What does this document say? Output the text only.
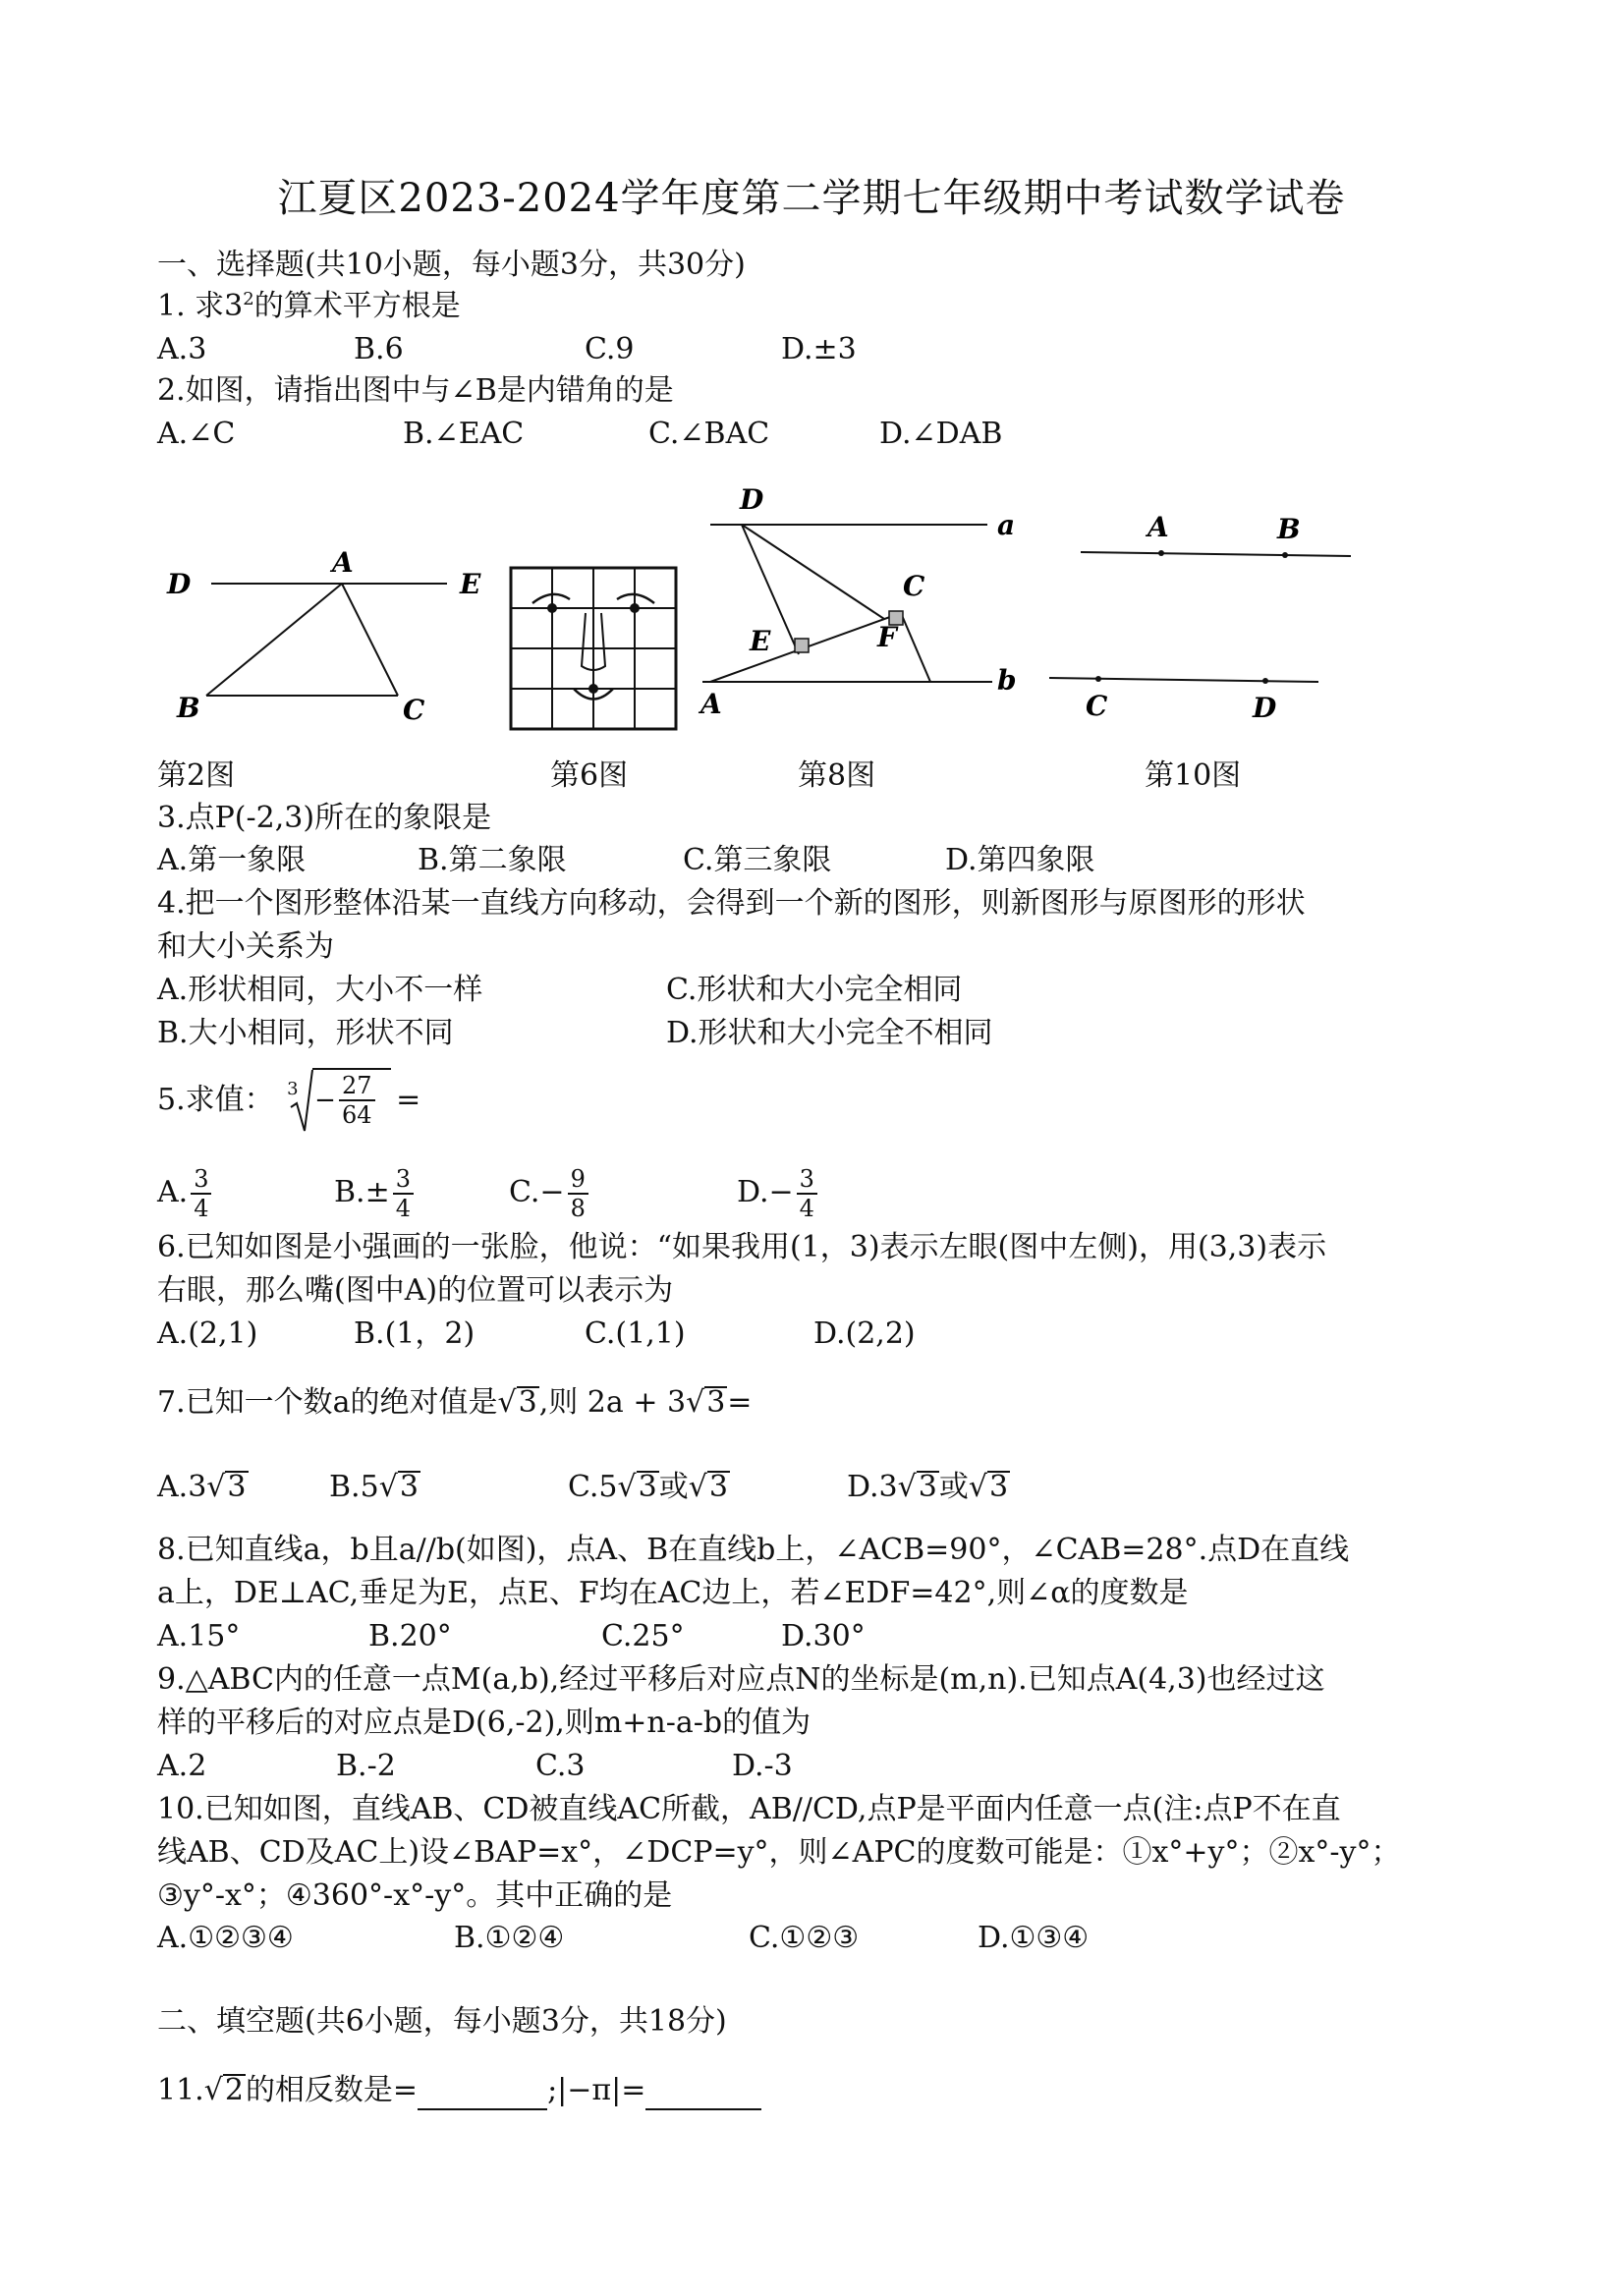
江夏区2023-2024学年度第二学期七年级期中考试数学试卷
一、选择题(共10小题，每小题3分，共30分)
1. 求$3^2$的算术平方根是
A.3	B.6	C.9	D.±3
2.如图，请指出图中与∠B是内错角的是
A.∠C	B.∠EAC	C.∠BAC	D.∠DAB
D
A
E
B	C
D
a
C
E	F
A
b
A	B
C	D
第2图	第6图	第8图	第10图
3.点P(-2,3)所在的象限是
A.第一象限	B.第二象限	C.第三象限	D.第四象限
4.把一个图形整体沿某一直线方向移动，会得到一个新的图形，则新图形与原图形的形状
和大小关系为
A.形状相同，大小不一样	C.形状和大小完全相同
B.大小相同，形状不同	D.形状和大小完全不相同
5.求值： $3 - \frac{27}{64}$ =
A. $\frac{3}{4}$	$B.\pm \frac{3}{4}$	$C.- \frac{9}{8}$	$D.- \frac{3}{4}$
6.已知如图是小强画的一张脸，他说：“如果我用(1，3)表示左眼(图中左侧)，用(3,3)表示
右眼，那么嘴(图中A)的位置可以表示为
A.(2,1)	B.(1，2)	C.(1,1)	D.(2,2)
7.已知一个数a的绝对值是√3,则 2a + 3√3=
A.3√3	B.5√3	C.5√3或√3	D.3√3或√3
8.已知直线a，b且a//b(如图)，点A、B在直线b上，∠ACB=90°，∠CAB=28°.点D在直线
a上，DE⊥AC,垂足为E，点E、F均在AC边上，若∠EDF=42°,则∠α的度数是
A.15°	B.20°	C.25°	D.30°
9.△ABC内的任意一点M(a,b),经过平移后对应点N的坐标是(m,n).已知点A(4,3)也经过这
样的平移后的对应点是D(6,-2),则m+n-a-b的值为
A.2	B.-2	C.3	D.-3
10.已知如图，直线AB、CD被直线AC所截，AB//CD,点P是平面内任意一点(注:点P不在直
线AB、CD及AC上)设∠BAP=x°，∠DCP=y°，则∠APC的度数可能是：①x°+y°；②x°-y°；
③y°-x°；④360°-x°-y°。其中正确的是
A.①②③④	B.①②④	C.①②③	D.①③④
二、填空题(共6小题，每小题3分，共18分)
11.√2的相反数是=	;|−π|=
